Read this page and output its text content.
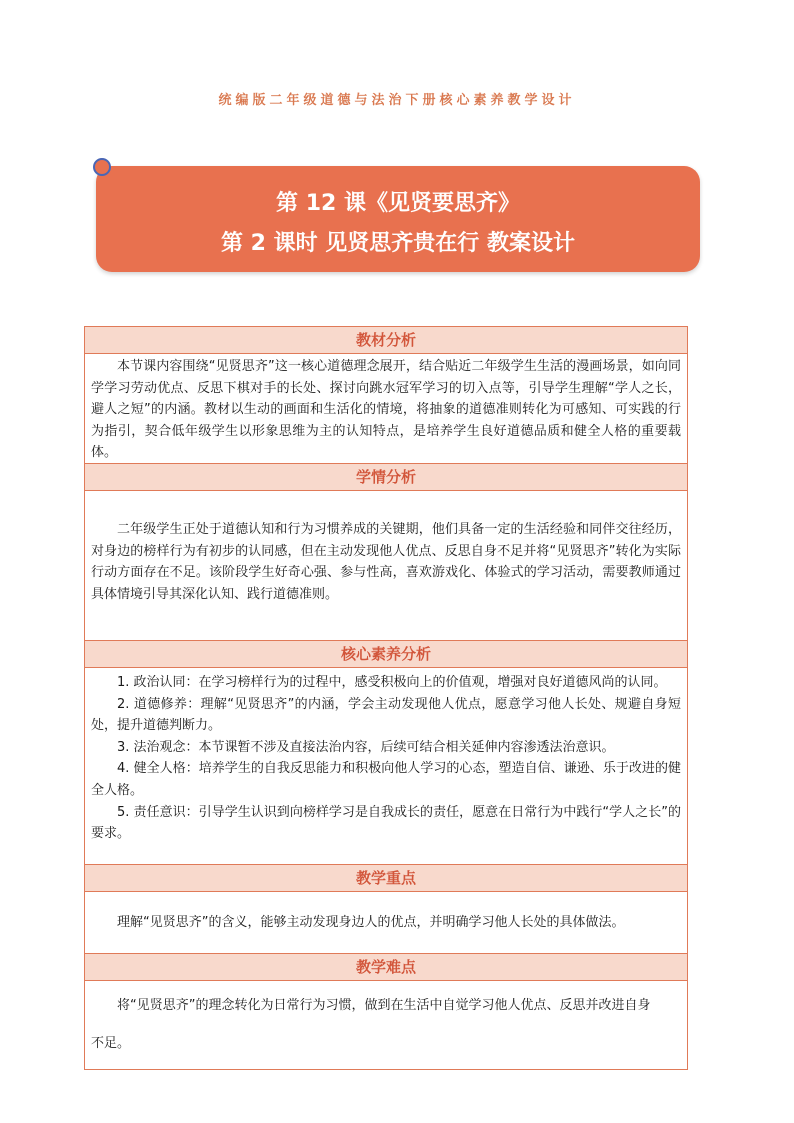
统编版二年级道德与法治下册核心素养教学设计
第 12 课《见贤要思齐》
第 2 课时 见贤思齐贵在行 教案设计
教材分析

本节课内容围绕“见贤思齐”这一核心道德理念展开，结合贴近二年级学生生活的漫画场景，如向同学学习劳动优点、反思下棋对手的长处、探讨向跳水冠军学习的切入点等，引导学生理解“学人之长，避人之短”的内涵。教材以生动的画面和生活化的情境，将抽象的道德准则转化为可感知、可实践的行为指引，契合低年级学生以形象思维为主的认知特点，是培养学生良好道德品质和健全人格的重要载体。

学情分析

二年级学生正处于道德认知和行为习惯养成的关键期，他们具备一定的生活经验和同伴交往经历，对身边的榜样行为有初步的认同感，但在主动发现他人优点、反思自身不足并将“见贤思齐”转化为实际行动方面存在不足。该阶段学生好奇心强、参与性高，喜欢游戏化、体验式的学习活动，需要教师通过具体情境引导其深化认知、践行道德准则。

核心素养分析

1. 政治认同：在学习榜样行为的过程中，感受积极向上的价值观，增强对良好道德风尚的认同。

2. 道德修养：理解“见贤思齐”的内涵，学会主动发现他人优点，愿意学习他人长处、规避自身短处，提升道德判断力。

3. 法治观念：本节课暂不涉及直接法治内容，后续可结合相关延伸内容渗透法治意识。

4. 健全人格：培养学生的自我反思能力和积极向他人学习的心态，塑造自信、谦逊、乐于改进的健全人格。

5. 责任意识：引导学生认识到向榜样学习是自我成长的责任，愿意在日常行为中践行“学人之长”的要求。

教学重点

理解“见贤思齐”的含义，能够主动发现身边人的优点，并明确学习他人长处的具体做法。

教学难点

将“见贤思齐”的理念转化为日常行为习惯，做到在生活中自觉学习他人优点、反思并改进自身

不足。
